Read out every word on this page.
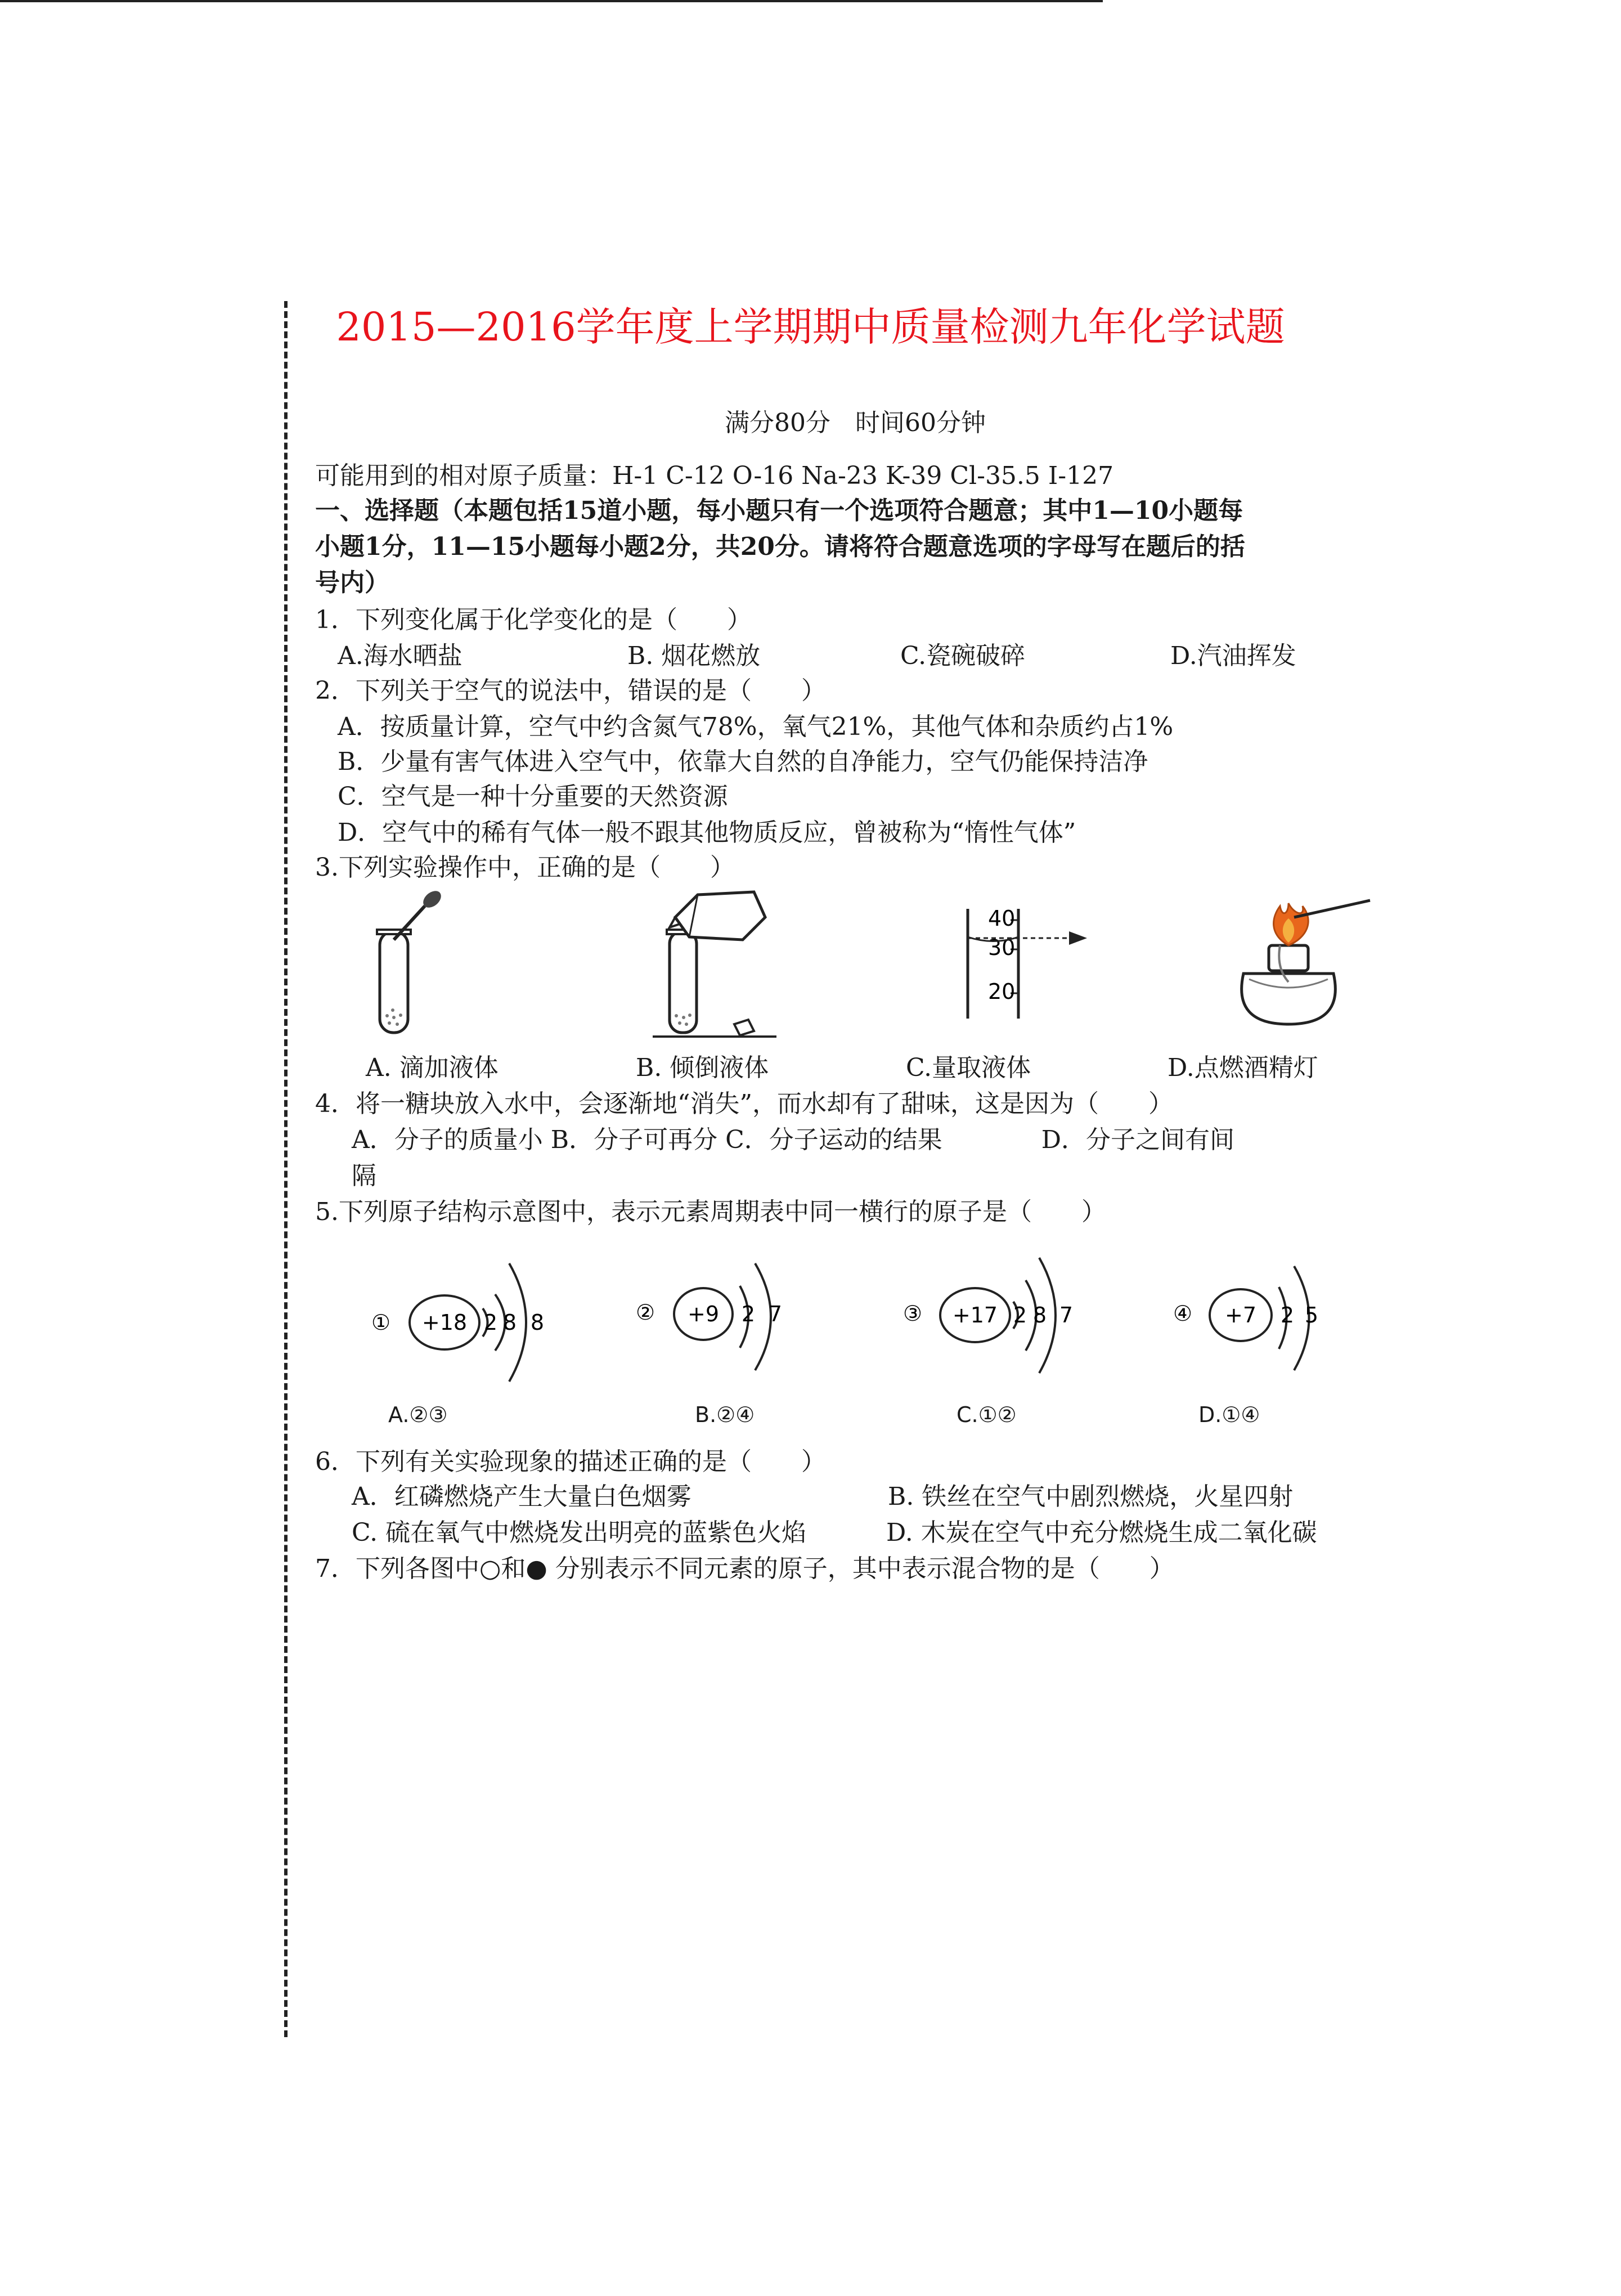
2015—2016学年度上学期期中质量检测九年化学试题
满分80分　时间60分钟
可能用到的相对原子质量：H-1 C-12 O-16 Na-23 K-39 Cl-35.5 I-127
一、选择题（本题包括15道小题，每小题只有一个选项符合题意；其中1—10小题每
小题1分，11—15小题每小题2分，共20分。请将符合题意选项的字母写在题后的括
号内）
1．下列变化属于化学变化的是（　　）
A.海水晒盐	B. 烟花燃放	C.瓷碗破碎	D.汽油挥发
2．下列关于空气的说法中，错误的是（　　）
A．按质量计算，空气中约含氮气78%，氧气21%，其他气体和杂质约占1%
B．少量有害气体进入空气中，依靠大自然的自净能力，空气仍能保持洁净
C．空气是一种十分重要的天然资源
D．空气中的稀有气体一般不跟其他物质反应，曾被称为“惰性气体”
3.下列实验操作中，正确的是（　　）
40
30
20
A. 滴加液体	B. 倾倒液体	C.量取液体	D.点燃酒精灯
4．将一糖块放入水中，会逐渐地“消失”，而水却有了甜味，这是因为（　　）
A．分子的质量小 B．分子可再分 C．分子运动的结果　　　　D．分子之间有间
隔
5.下列原子结构示意图中，表示元素周期表中同一横行的原子是（　　）
① +18 2 8 8	② +9 2 7	③ +17 2 8 7	④ +7 2 5
A.②③	B.②④	C.①②	D.①④
6．下列有关实验现象的描述正确的是（　　）
A．红磷燃烧产生大量白色烟雾	B. 铁丝在空气中剧烈燃烧，火星四射
C. 硫在氧气中燃烧发出明亮的蓝紫色火焰	D. 木炭在空气中充分燃烧生成二氧化碳
7．下列各图中○和● 分别表示不同元素的原子，其中表示混合物的是（　　）
